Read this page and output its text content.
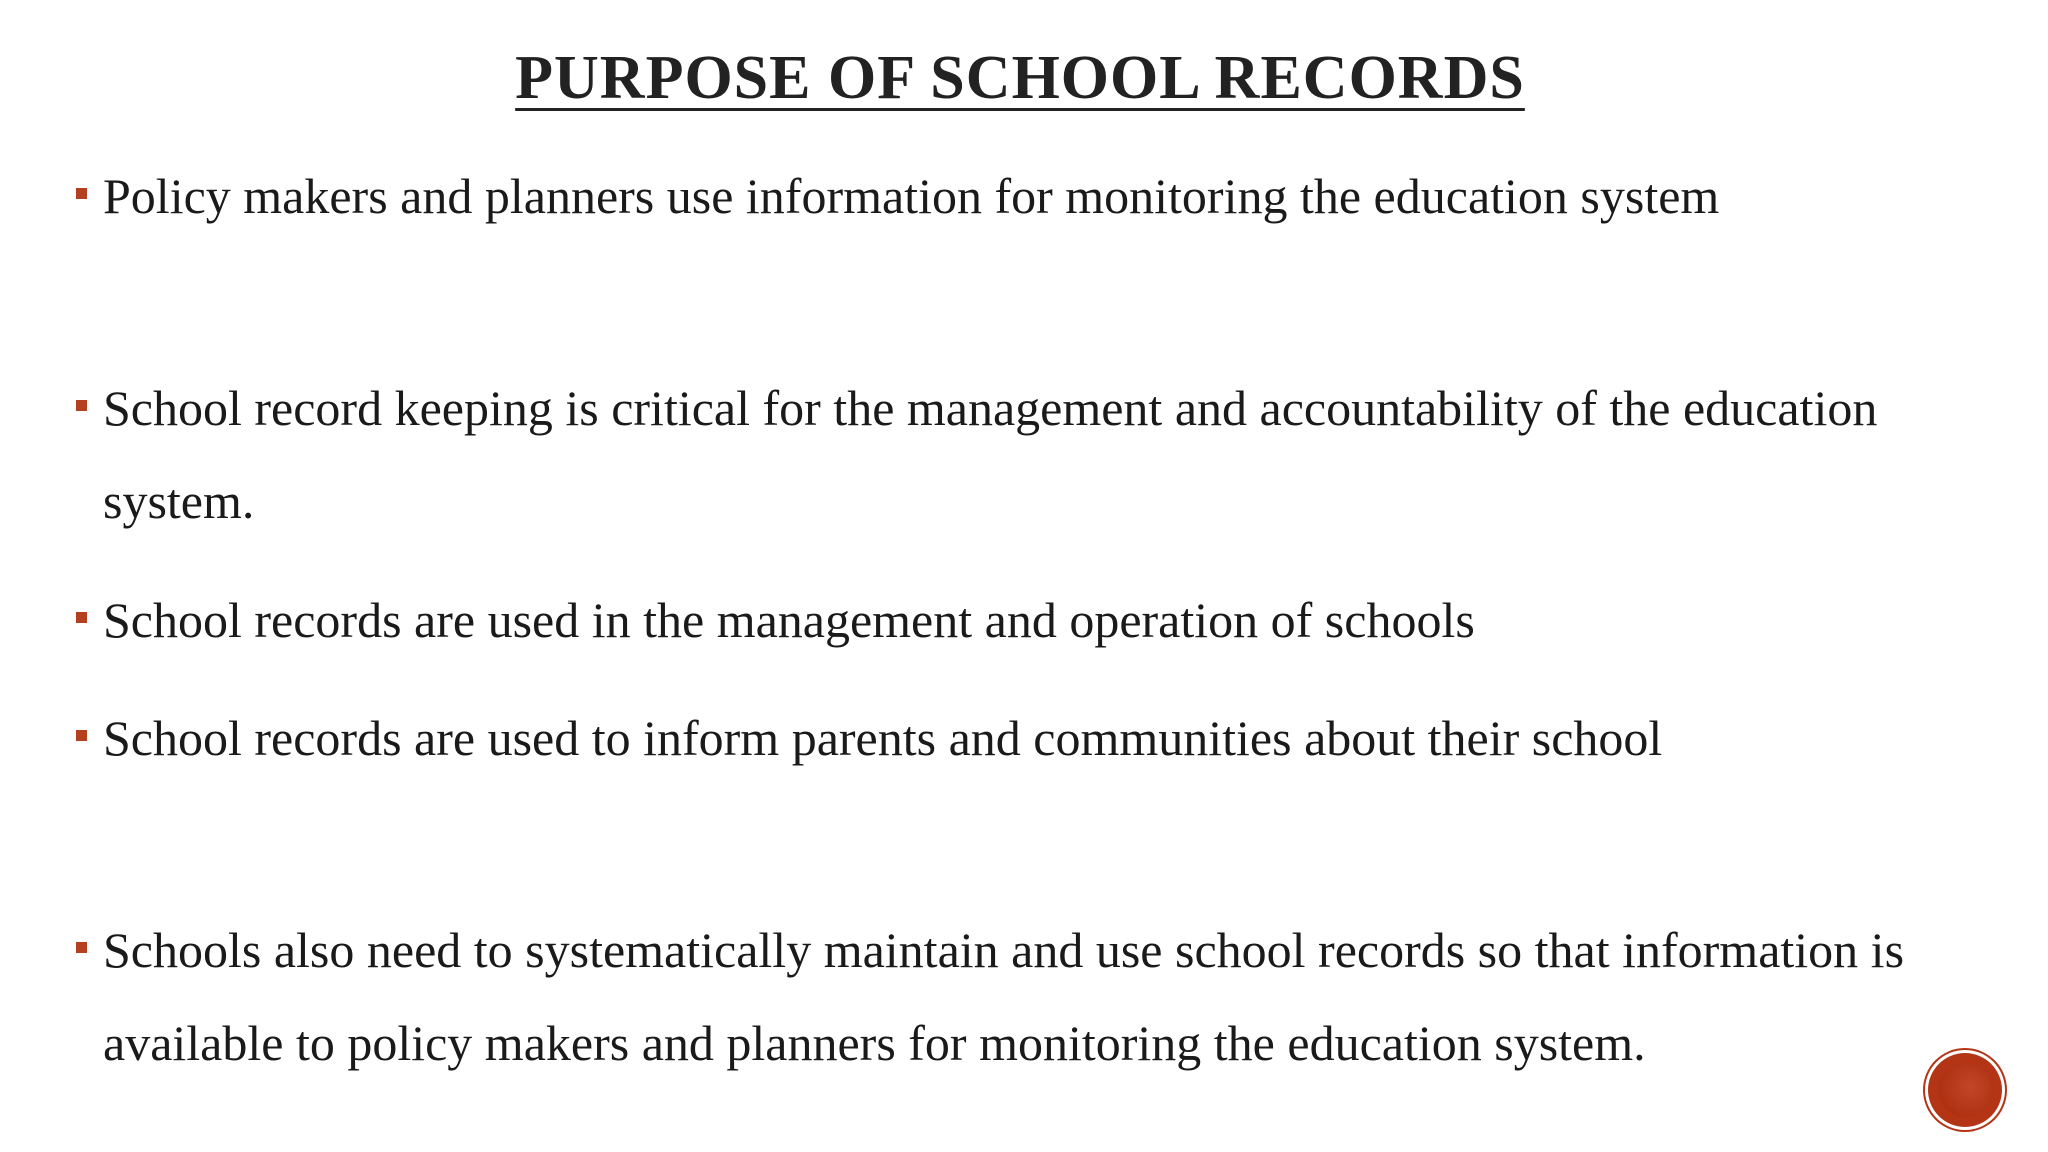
PURPOSE OF SCHOOL RECORDS
Policy makers and planners use information for monitoring the education system
School record keeping is critical for the management and accountability of the education system.
School records are used in the management and operation of schools
School records are used to inform parents and communities about their school
Schools also need to systematically maintain and use school records so that information is available to policy makers and planners for monitoring the education system.
